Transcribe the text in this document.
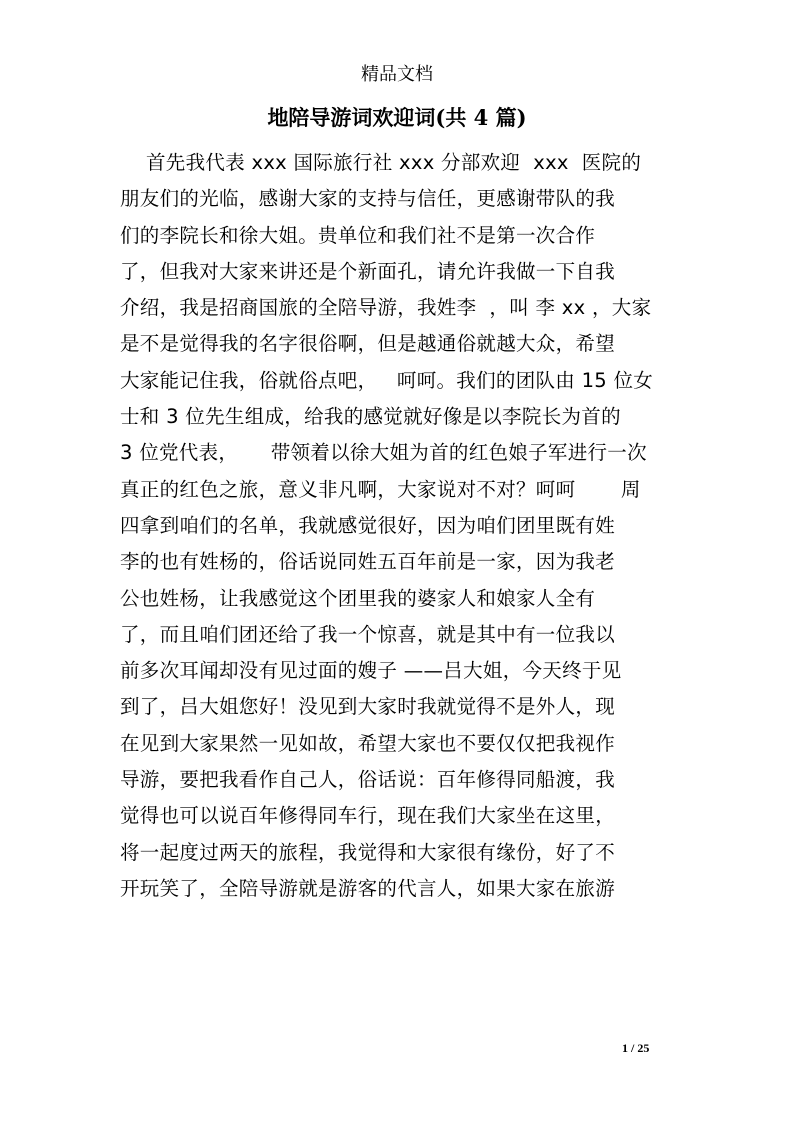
精品文档
地陪导游词欢迎词(共 4 篇)
首先我代表 xxx 国际旅行社 xxx 分部欢迎  xxx  医院的
朋友们的光临，感谢大家的支持与信任，更感谢带队的我
们的李院长和徐大姐。贵单位和我们社不是第一次合作
了，但我对大家来讲还是个新面孔，请允许我做一下自我
介绍，我是招商国旅的全陪导游，我姓李  ，叫 李 xx ，大家
是不是觉得我的名字很俗啊，但是越通俗就越大众，希望
大家能记住我，俗就俗点吧，   呵呵。我们的团队由 15 位女
士和 3 位先生组成，给我的感觉就好像是以李院长为首的
3 位党代表，     带领着以徐大姐为首的红色娘子军进行一次
真正的红色之旅，意义非凡啊，大家说对不对？呵呵       周
四拿到咱们的名单，我就感觉很好，因为咱们团里既有姓
李的也有姓杨的，俗话说同姓五百年前是一家，因为我老
公也姓杨，让我感觉这个团里我的婆家人和娘家人全有
了，而且咱们团还给了我一个惊喜，就是其中有一位我以
前多次耳闻却没有见过面的嫂子 ——吕大姐，今天终于见
到了，吕大姐您好！没见到大家时我就觉得不是外人，现
在见到大家果然一见如故，希望大家也不要仅仅把我视作
导游，要把我看作自己人，俗话说：百年修得同船渡，我
觉得也可以说百年修得同车行，现在我们大家坐在这里，
将一起度过两天的旅程，我觉得和大家很有缘份，好了不
开玩笑了，全陪导游就是游客的代言人，如果大家在旅游
1 / 25
